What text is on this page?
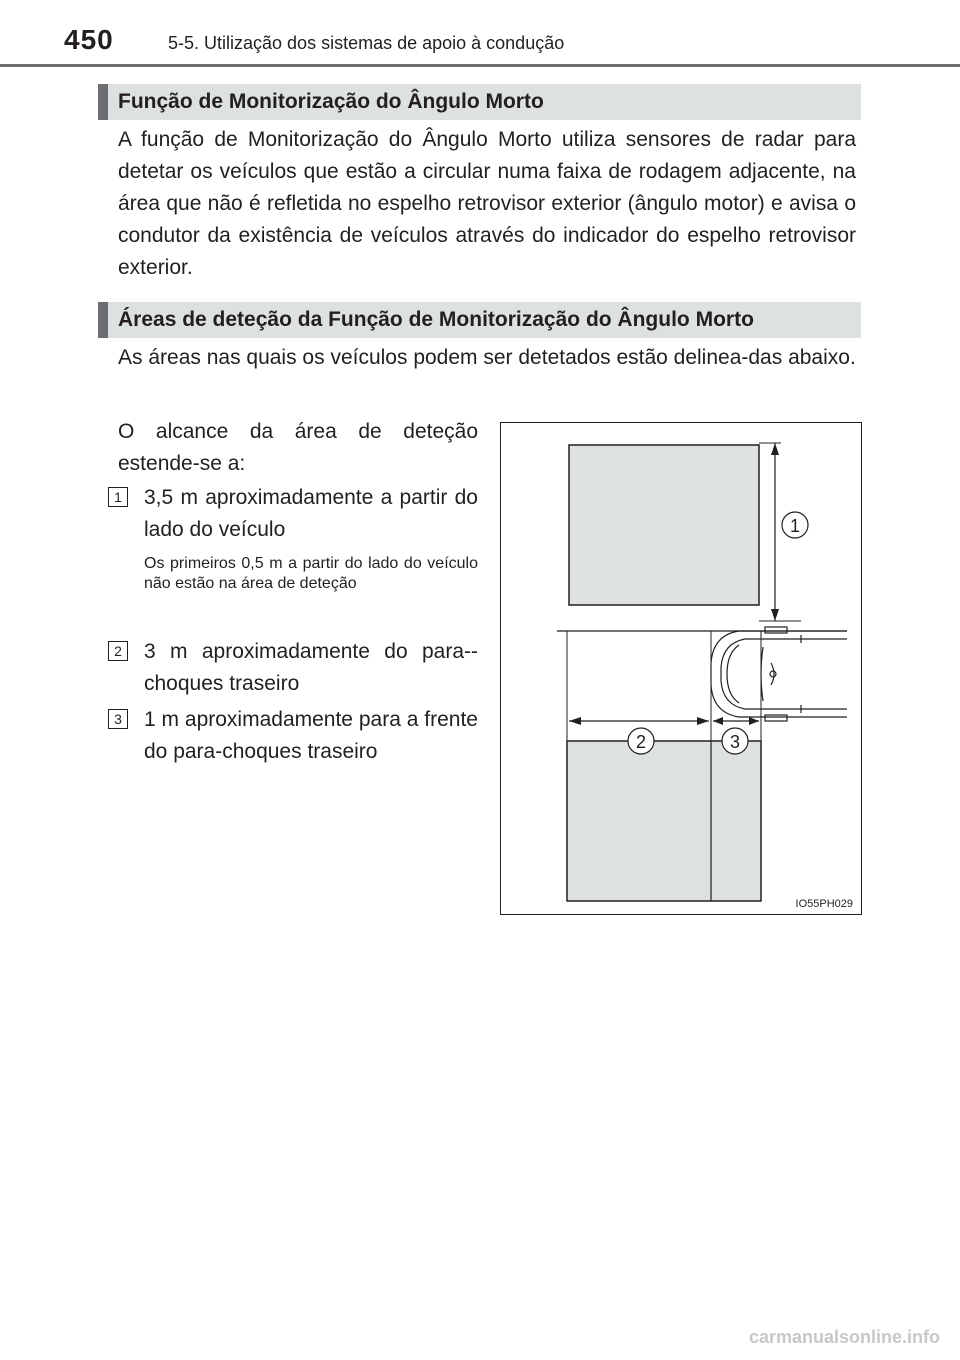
450	5-5. Utilização dos sistemas de apoio à condução
Função de Monitorização do Ângulo Morto

A função de Monitorização do Ângulo Morto utiliza sensores de radar para detetar os veículos que estão a circular numa faixa de rodagem adjacente, na área que não é refletida no espelho retrovisor exterior (ângulo motor) e avisa o condutor da existência de veículos através do indicador do espelho retrovisor exterior.

Áreas de deteção da Função de Monitorização do Ângulo Morto

As áreas nas quais os veículos podem ser detetados estão delinea-das abaixo.

O alcance da área de deteção estende-se a:

1 3,5 m aproximadamente a partir do lado do veículo
Os primeiros 0,5 m a partir do lado do veículo não estão na área de deteção
2 3 m aproximadamente do para--choques traseiro
3 1 m aproximadamente para a frente do para-choques traseiro
1
2	3
IO55PH029
carmanualsonline.info
